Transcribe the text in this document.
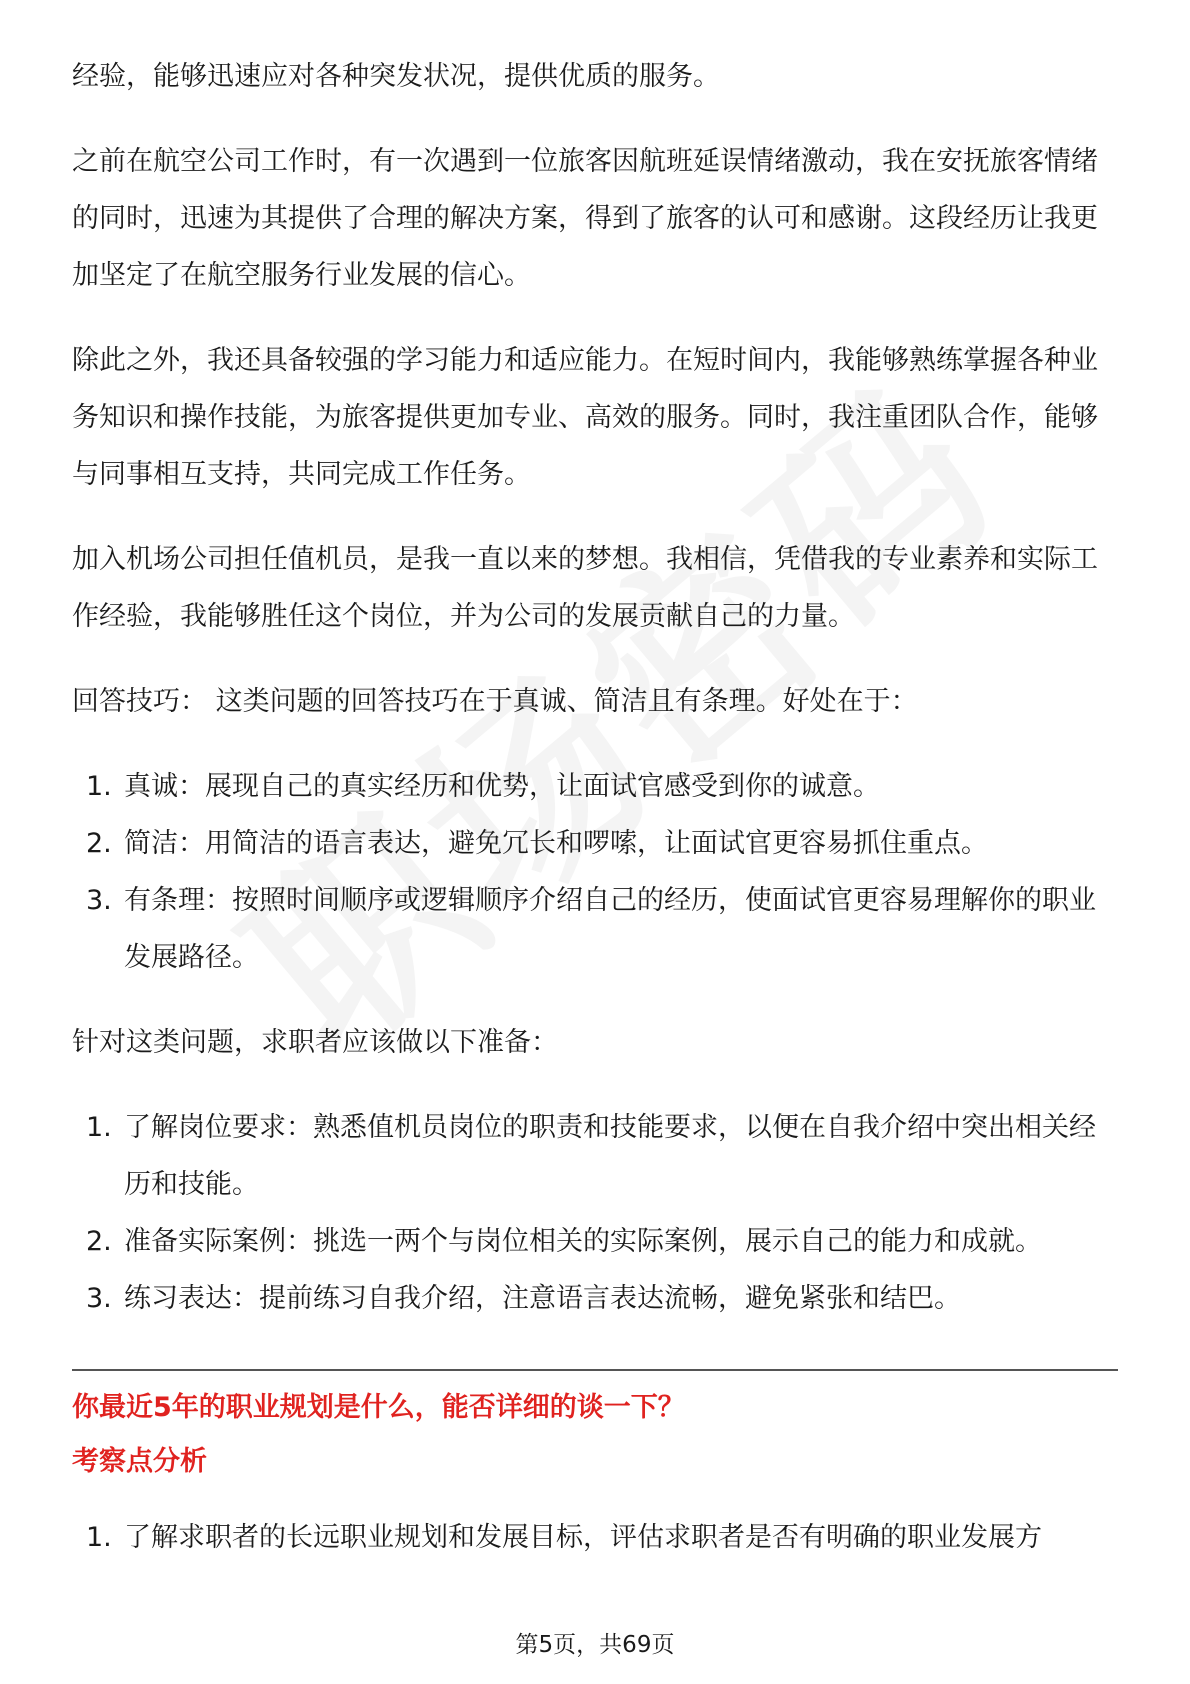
经验，能够迅速应对各种突发状况，提供优质的服务。

之前在航空公司工作时，有一次遇到一位旅客因航班延误情绪激动，我在安抚旅客情绪的同时，迅速为其提供了合理的解决方案，得到了旅客的认可和感谢。这段经历让我更加坚定了在航空服务行业发展的信心。

除此之外，我还具备较强的学习能力和适应能力。在短时间内，我能够熟练掌握各种业务知识和操作技能，为旅客提供更加专业、高效的服务。同时，我注重团队合作，能够与同事相互支持，共同完成工作任务。

加入机场公司担任值机员，是我一直以来的梦想。我相信，凭借我的专业素养和实际工作经验，我能够胜任这个岗位，并为公司的发展贡献自己的力量。

回答技巧： 这类问题的回答技巧在于真诚、简洁且有条理。好处在于：

1. 真诚：展现自己的真实经历和优势，让面试官感受到你的诚意。
2. 简洁：用简洁的语言表达，避免冗长和啰嗦，让面试官更容易抓住重点。
3. 有条理：按照时间顺序或逻辑顺序介绍自己的经历，使面试官更容易理解你的职业发展路径。

针对这类问题，求职者应该做以下准备：

1. 了解岗位要求：熟悉值机员岗位的职责和技能要求，以便在自我介绍中突出相关经历和技能。
2. 准备实际案例：挑选一两个与岗位相关的实际案例，展示自己的能力和成就。
3. 练习表达：提前练习自我介绍，注意语言表达流畅，避免紧张和结巴。

你最近5年的职业规划是什么，能否详细的谈一下？

考察点分析

1. 了解求职者的长远职业规划和发展目标，评估求职者是否有明确的职业发展方
第5页，共69页
